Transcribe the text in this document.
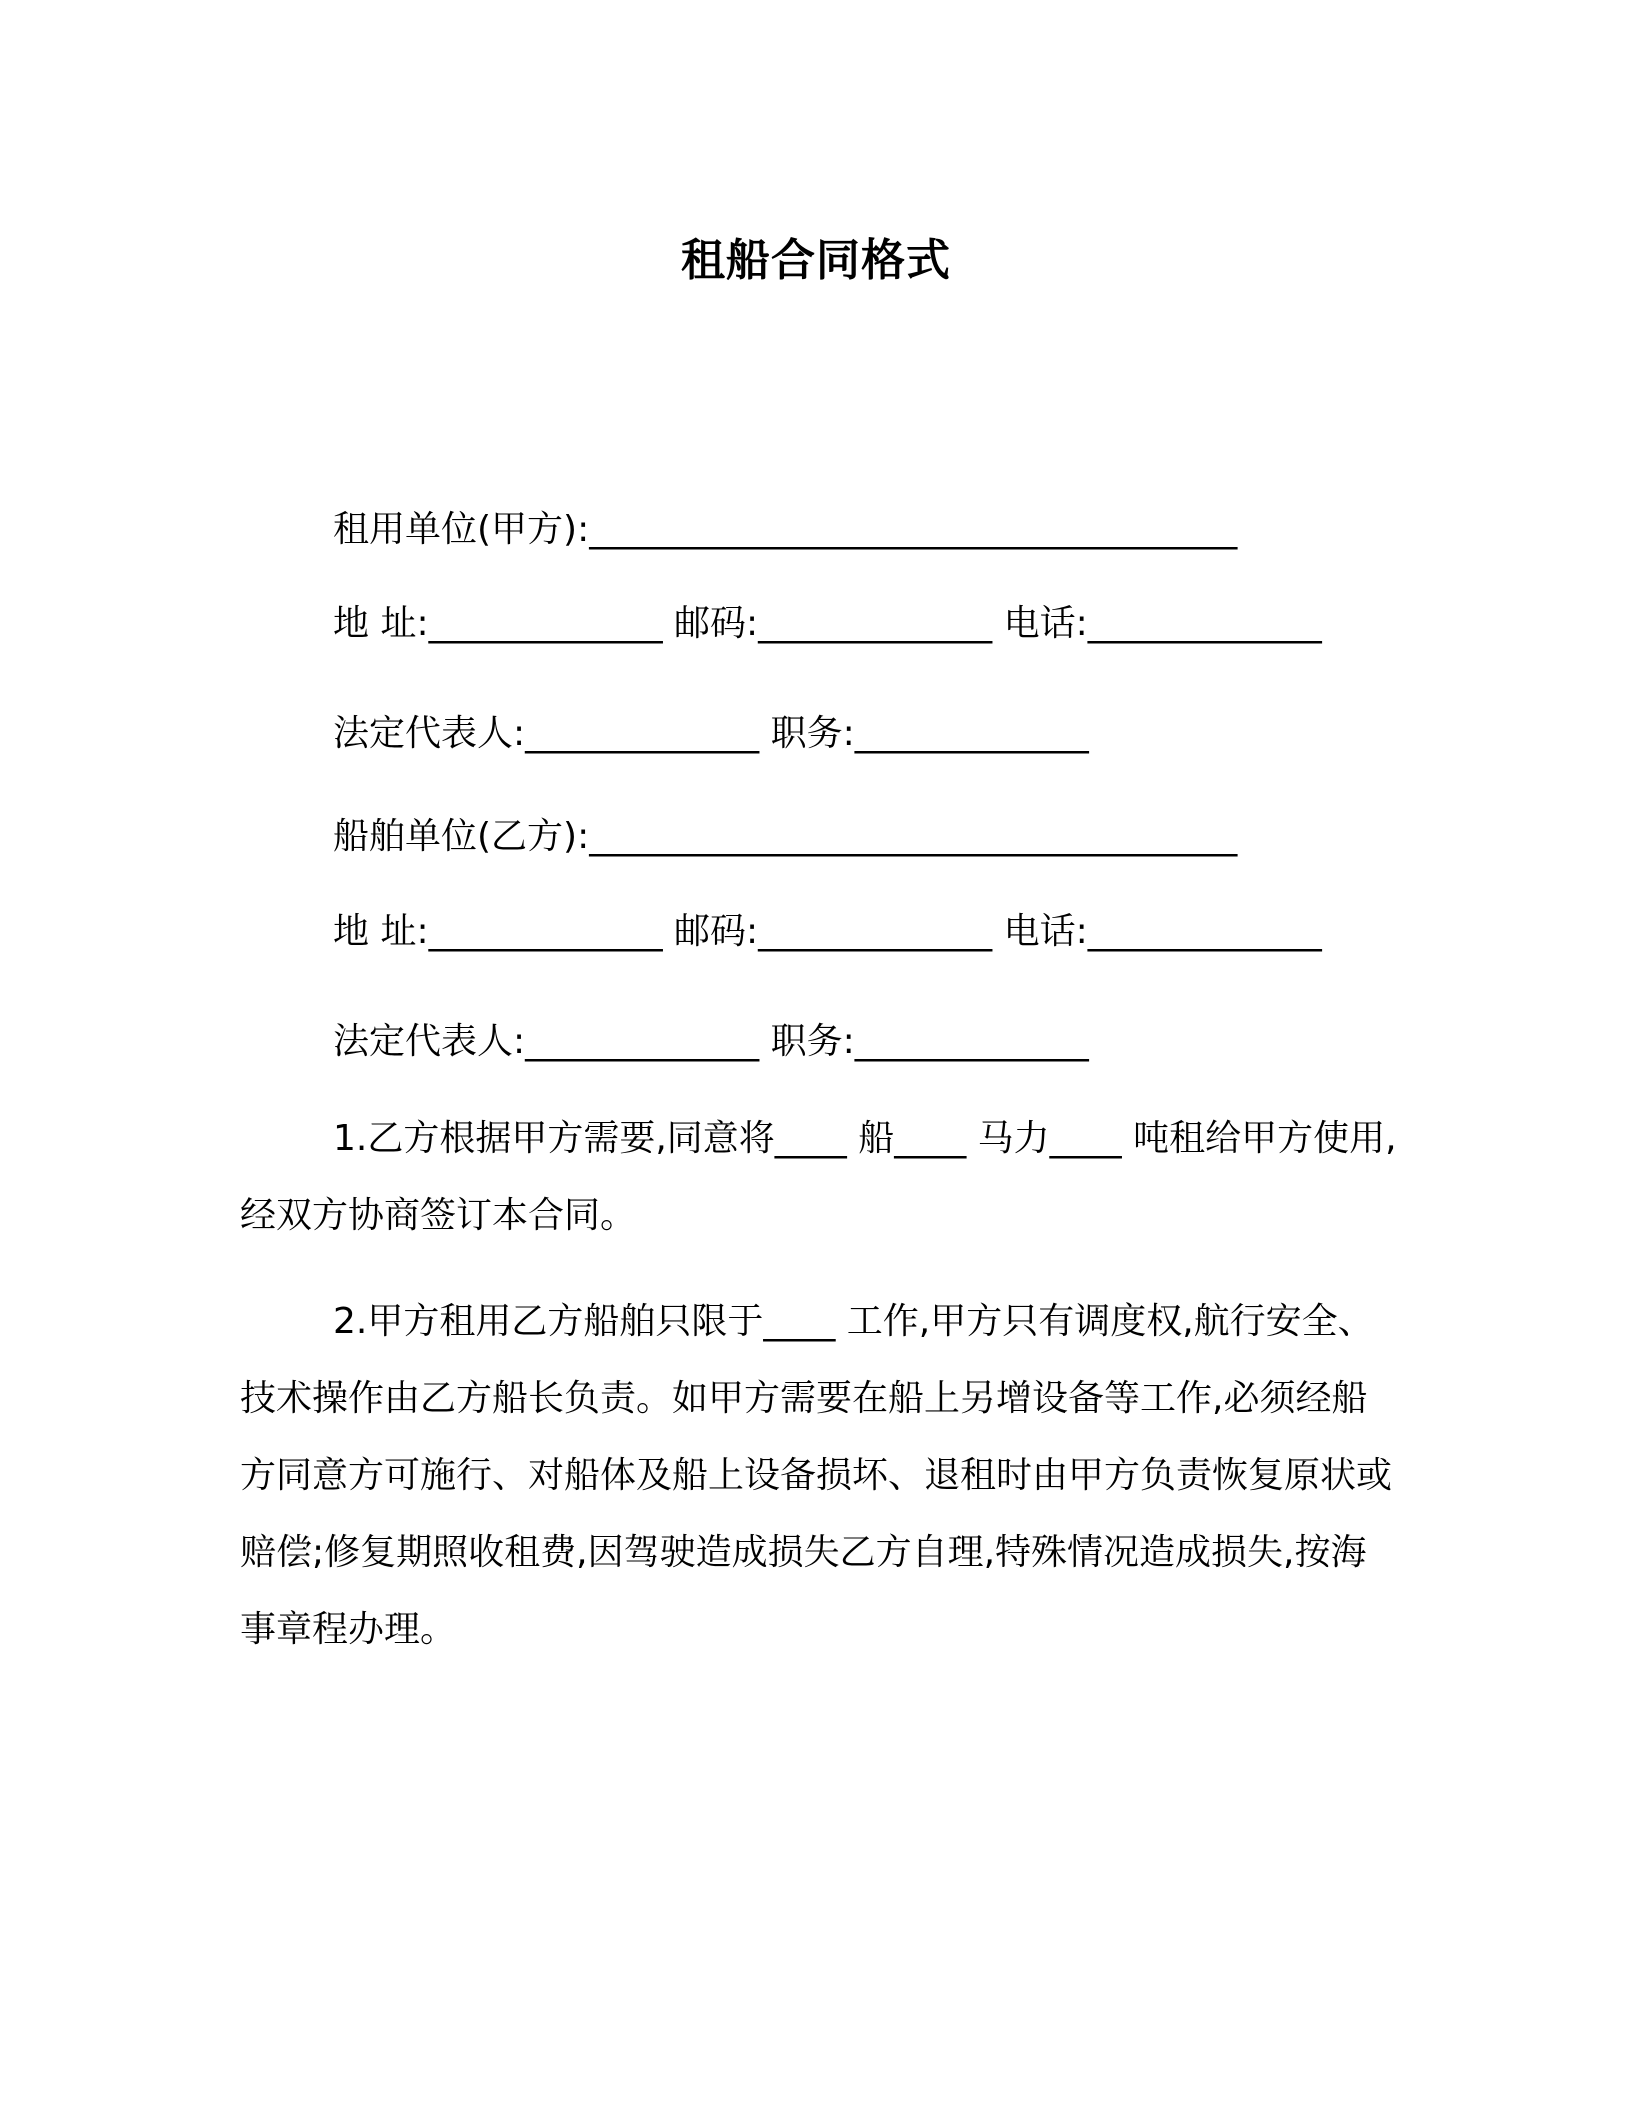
租船合同格式
租用单位(甲方):____________________________________
地 址:_____________ 邮码:_____________ 电话:_____________
法定代表人:_____________ 职务:_____________
船舶单位(乙方):____________________________________
地 址:_____________ 邮码:_____________ 电话:_____________
法定代表人:_____________ 职务:_____________
1.乙方根据甲方需要,同意将____ 船____ 马力____ 吨租给甲方使用,经双方协商签订本合同。
2.甲方租用乙方船舶只限于____ 工作,甲方只有调度权,航行安全、技术操作由乙方船长负责。如甲方需要在船上另增设备等工作,必须经船方同意方可施行、对船体及船上设备损坏、退租时由甲方负责恢复原状或赔偿;修复期照收租费,因驾驶造成损失乙方自理,特殊情况造成损失,按海事章程办理。
